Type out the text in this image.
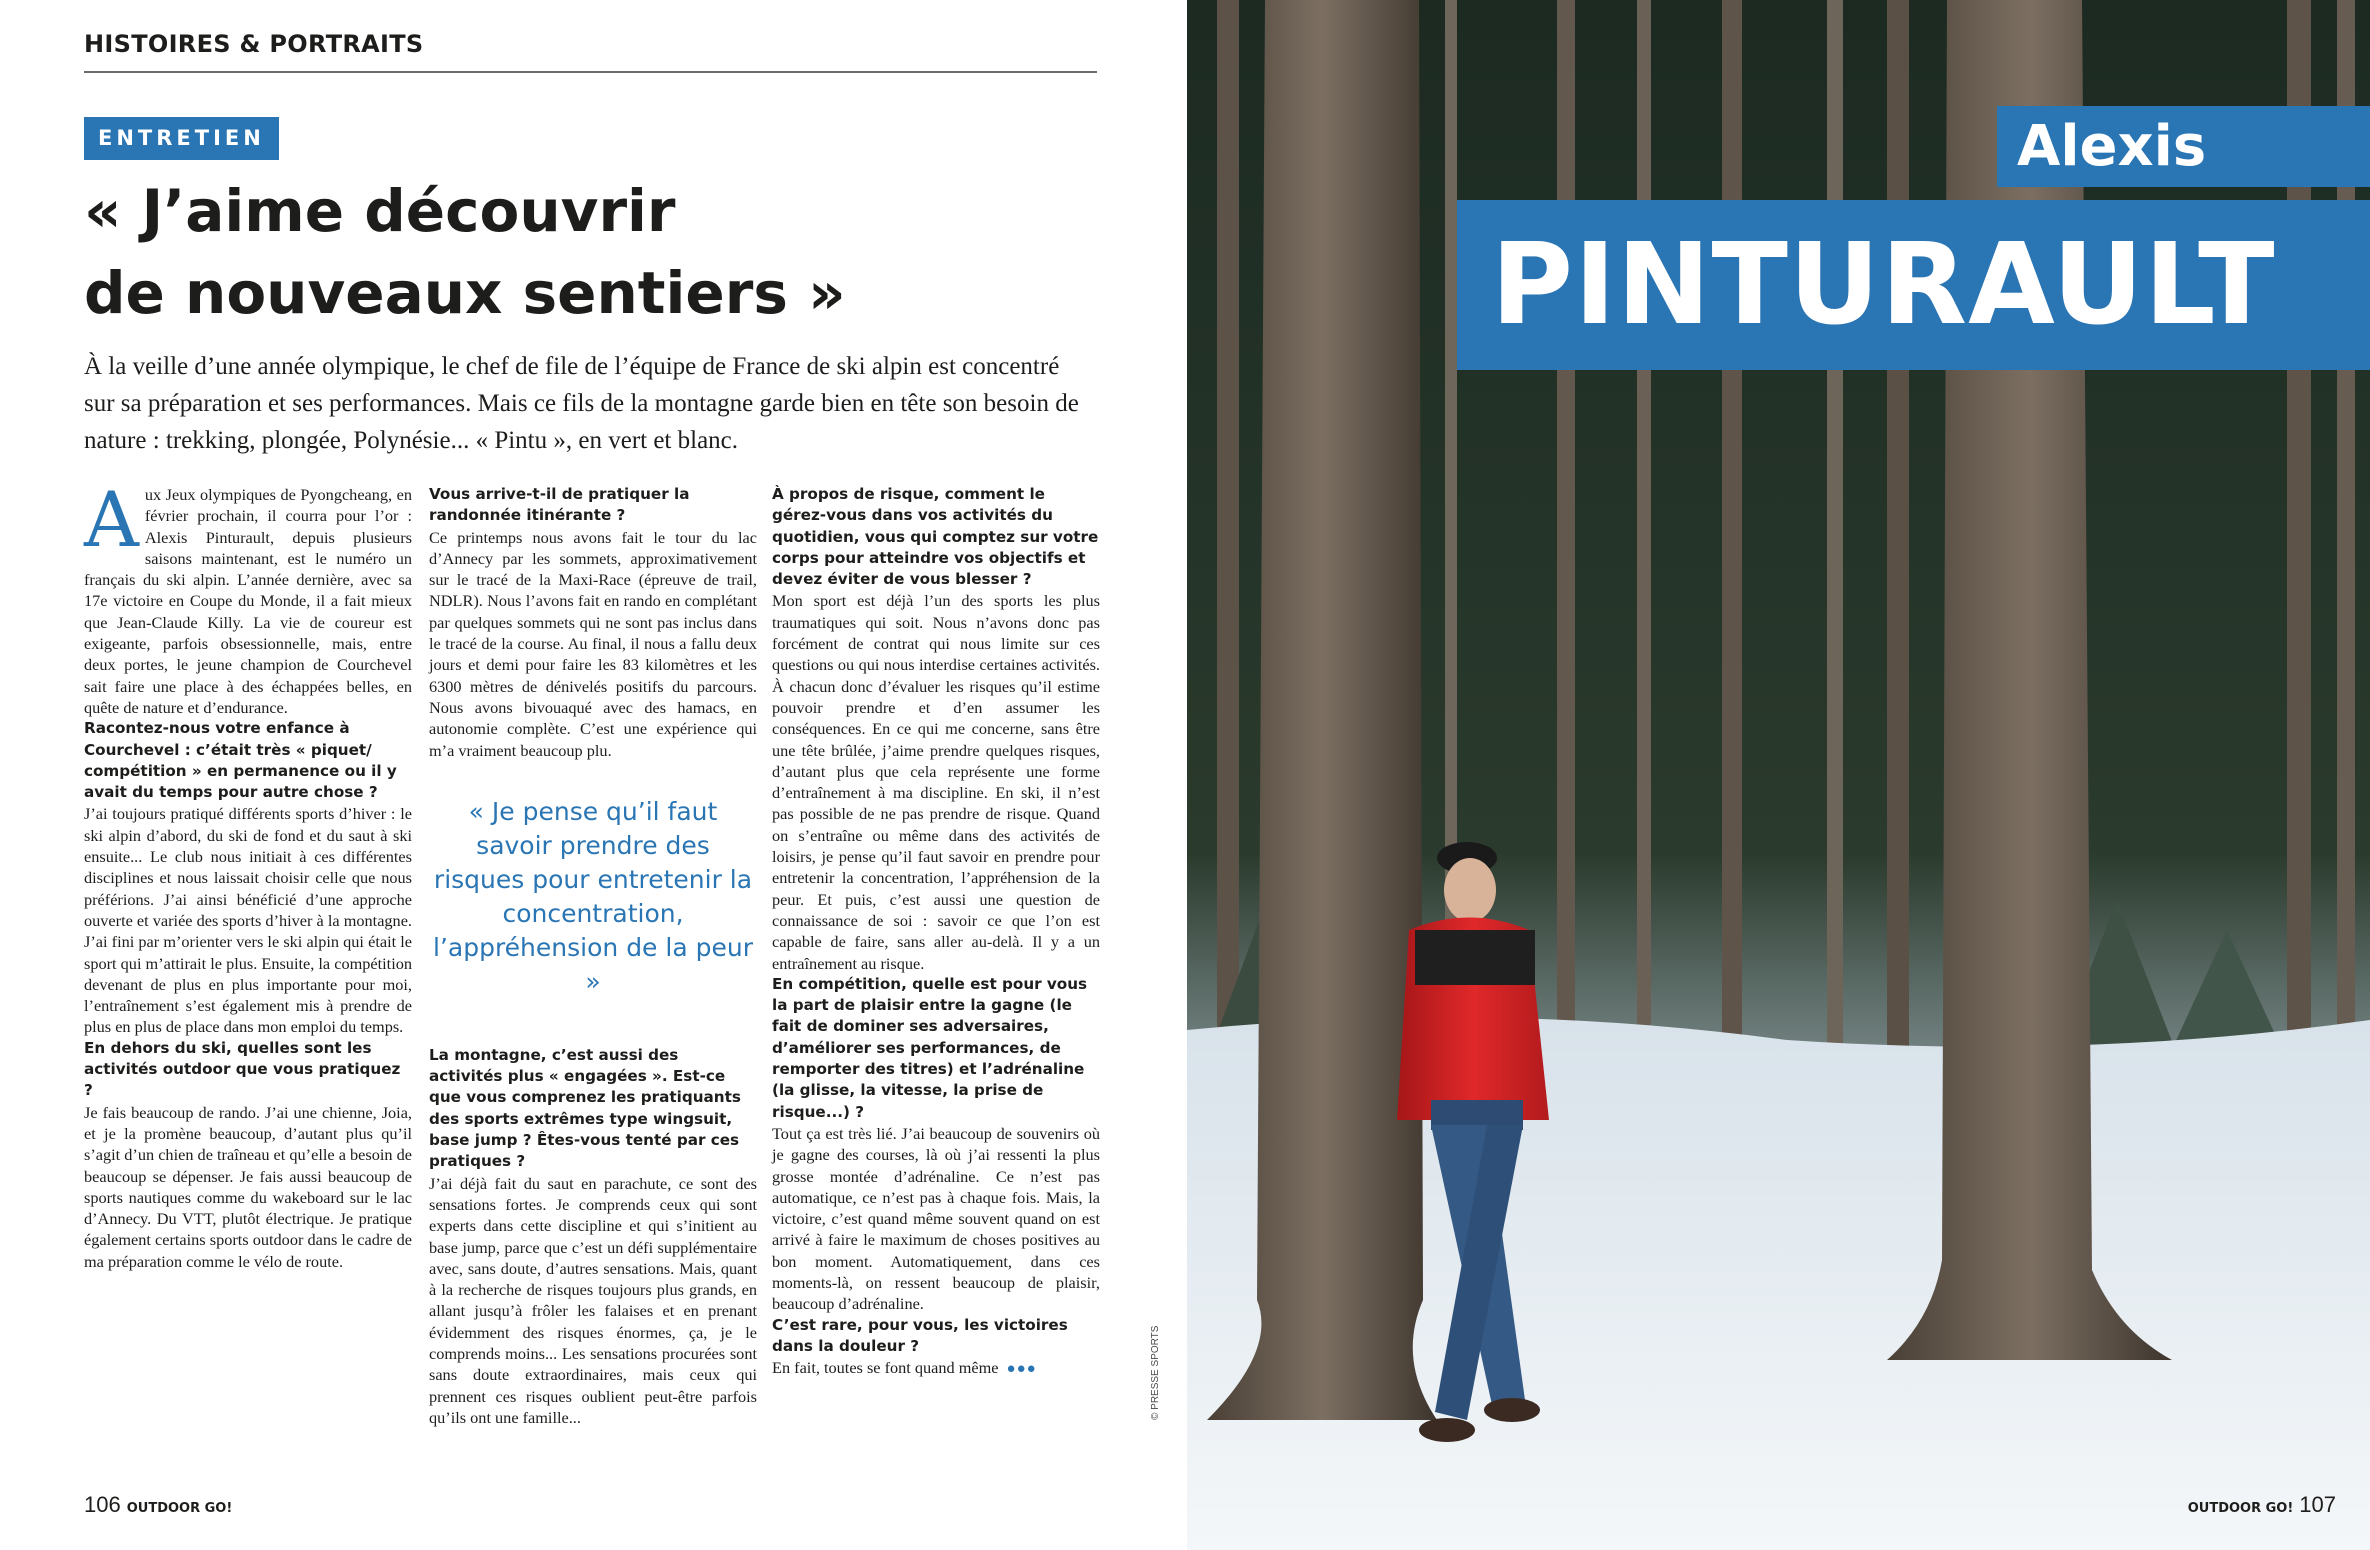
HISTOIRES & PORTRAITS
ENTRETIEN
« J’aime découvrir
de nouveaux sentiers »

À la veille d’une année olympique, le chef de file de l’équipe de France de ski alpin est concentré sur sa préparation et ses performances. Mais ce fils de la montagne garde bien en tête son besoin de nature : trekking, plongée, Polynésie... « Pintu », en vert et blanc.

Aux Jeux olympiques de Pyongcheang, en février prochain, il courra pour l’or : Alexis Pinturault, depuis plusieurs saisons maintenant, est le numéro un français du ski alpin. L’année dernière, avec sa 17e victoire en Coupe du Monde, il a fait mieux que Jean-Claude Killy. La vie de coureur est exigeante, parfois obsessionnelle, mais, entre deux portes, le jeune champion de Courchevel sait faire une place à des échappées belles, en quête de nature et d’endurance.

Racontez-nous votre enfance à Courchevel : c’était très « piquet/ compétition » en permanence ou il y avait du temps pour autre chose ?

J’ai toujours pratiqué différents sports d’hiver : le ski alpin d’abord, du ski de fond et du saut à ski ensuite... Le club nous initiait à ces différentes disciplines et nous laissait choisir celle que nous préférions. J’ai ainsi bénéficié d’une approche ouverte et variée des sports d’hiver à la montagne. J’ai fini par m’orienter vers le ski alpin qui était le sport qui m’attirait le plus. Ensuite, la compétition devenant de plus en plus importante pour moi, l’entraînement s’est également mis à prendre de plus en plus de place dans mon emploi du temps.

En dehors du ski, quelles sont les activités outdoor que vous pratiquez ?

Je fais beaucoup de rando. J’ai une chienne, Joia, et je la promène beaucoup, d’autant plus qu’il s’agit d’un chien de traîneau et qu’elle a besoin de beaucoup se dépenser. Je fais aussi beaucoup de sports nautiques comme du wakeboard sur le lac d’Annecy. Du VTT, plutôt électrique. Je pratique également certains sports outdoor dans le cadre de ma préparation comme le vélo de route.

Vous arrive-t-il de pratiquer la randonnée itinérante ?

Ce printemps nous avons fait le tour du lac d’Annecy par les sommets, approximativement sur le tracé de la Maxi-Race (épreuve de trail, NDLR). Nous l’avons fait en rando en complétant par quelques sommets qui ne sont pas inclus dans le tracé de la course. Au final, il nous a fallu deux jours et demi pour faire les 83 kilomètres et les 6300 mètres de dénivelés positifs du parcours. Nous avons bivouaqué avec des hamacs, en autonomie complète. C’est une expérience qui m’a vraiment beaucoup plu.

« Je pense qu’il faut savoir prendre des risques pour entretenir la concentration, l’appréhension de la peur »

La montagne, c’est aussi des activités plus « engagées ». Est-ce que vous comprenez les pratiquants des sports extrêmes type wingsuit, base jump ? Êtes-vous tenté par ces pratiques ?

J’ai déjà fait du saut en parachute, ce sont des sensations fortes. Je comprends ceux qui sont experts dans cette discipline et qui s’initient au base jump, parce que c’est un défi supplémentaire avec, sans doute, d’autres sensations. Mais, quant à la recherche de risques toujours plus grands, en allant jusqu’à frôler les falaises et en prenant évidemment des risques énormes, ça, je le comprends moins... Les sensations procurées sont sans doute extraordinaires, mais ceux qui prennent ces risques oublient peut-être parfois qu’ils ont une famille...

À propos de risque, comment le gérez-vous dans vos activités du quotidien, vous qui comptez sur votre corps pour atteindre vos objectifs et devez éviter de vous blesser ?

Mon sport est déjà l’un des sports les plus traumatiques qui soit. Nous n’avons donc pas forcément de contrat qui nous limite sur ces questions ou qui nous interdise certaines activités. À chacun donc d’évaluer les risques qu’il estime pouvoir prendre et d’en assumer les conséquences. En ce qui me concerne, sans être une tête brûlée, j’aime prendre quelques risques, d’autant plus que cela représente une forme d’entraînement à ma discipline. En ski, il n’est pas possible de ne pas prendre de risque. Quand on s’entraîne ou même dans des activités de loisirs, je pense qu’il faut savoir en prendre pour entretenir la concentration, l’appréhension de la peur. Et puis, c’est aussi une question de connaissance de soi : savoir ce que l’on est capable de faire, sans aller au-delà. Il y a un entraînement au risque.

En compétition, quelle est pour vous la part de plaisir entre la gagne (le fait de dominer ses adversaires, d’améliorer ses performances, de remporter des titres) et l’adrénaline (la glisse, la vitesse, la prise de risque...) ?

Tout ça est très lié. J’ai beaucoup de souvenirs où je gagne des courses, là où j’ai ressenti la plus grosse montée d’adrénaline. Ce n’est pas automatique, ce n’est pas à chaque fois. Mais, la victoire, c’est quand même souvent quand on est arrivé à faire le maximum de choses positives au bon moment. Automatiquement, dans ces moments-là, on ressent beaucoup de plaisir, beaucoup d’adrénaline.

C’est rare, pour vous, les victoires dans la douleur ?

En fait, toutes se font quand même ●●●

106 OUTDOOR GO!
© PRESSE SPORTS
OUTDOOR GO! 107
Alexis
PINTURAULT
